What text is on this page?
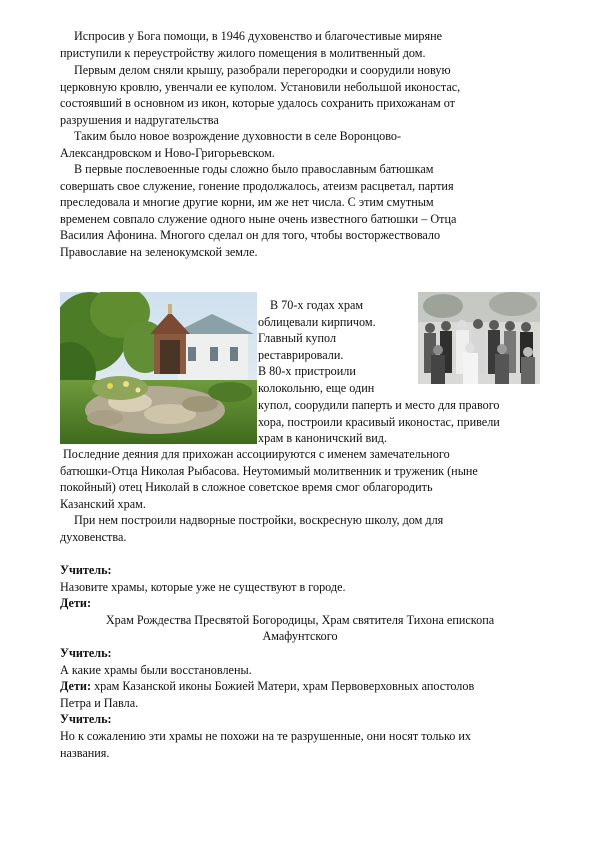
Испросив у Бога помощи, в 1946 духовенство и благочестивые миряне
приступили к переустройству жилого помещения в молитвенный дом.
Первым делом сняли крышу, разобрали перегородки и соорудили новую
церковную кровлю, увенчали ее куполом. Установили небольшой иконостас,
состоявший в основном из икон, которые удалось сохранить прихожанам от
разрушения и надругательства
Таким было новое возрождение духовности в селе Воронцово-
Александровском и Ново-Григорьевском.
В первые послевоенные годы сложно было православным батюшкам
совершать свое служение, гонение продолжалось, атеизм расцветал, партия
преследовала и многие другие корни, им же нет числа. С этим смутным
временем совпало служение одного ныне очень известного батюшки – Отца
Василия Афонина. Многого сделал он для того, чтобы восторжествовало
Православие на зеленокумской земле.
В 70-х годах храм
облицевали кирпичом.
Главный купол
реставрировали.
В 80-х пристроили
колокольню, еще один
купол, соорудили паперть и место для правого
хора, построили красивый иконостас, привели
храм в каноничский вид.
Последние деяния для прихожан ассоциируются с именем замечательного
батюшки-Отца Николая Рыбасова. Неутомимый молитвенник и труженик (ныне
покойный) отец Николай в сложное советское время смог облагородить
Казанский храм.
При нем построили надворные постройки, воскресную школу, дом для
духовенства.
Учитель:
Назовите храмы, которые уже не существуют в городе.
Дети:
Храм Рождества Пресвятой Богородицы, Храм святителя Тихона епископа
Амафунтского
Учитель:
А какие храмы были восстановлены.
Дети: храм Казанской иконы Божией Матери, храм Первоверховных апостолов
Петра и Павла.
Учитель:
Но к сожалению эти храмы не похожи на те разрушенные, они носят только их
названия.
